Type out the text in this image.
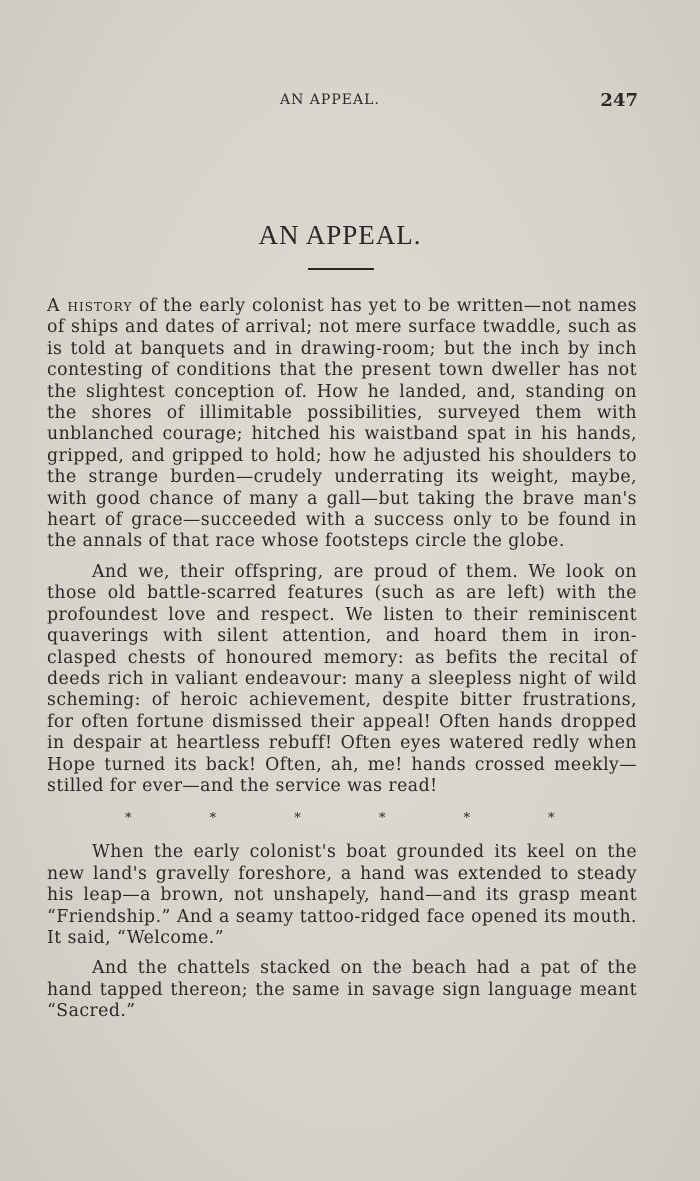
AN APPEAL.	247
AN APPEAL.

A history of the early colonist has yet to be written—not names of ships and dates of arrival; not mere surface twaddle, such as is told at banquets and in drawing-room; but the inch by inch contesting of conditions that the present town dweller has not the slightest conception of. How he landed, and, standing on the shores of illimitable possibilities, surveyed them with unblanched courage; hitched his waistband spat in his hands, gripped, and gripped to hold; how he adjusted his shoulders to the strange burden—crudely underrating its weight, maybe, with good chance of many a gall—but taking the brave man's heart of grace—succeeded with a success only to be found in the annals of that race whose footsteps circle the globe.

And we, their offspring, are proud of them. We look on those old battle-scarred features (such as are left) with the profoundest love and respect. We listen to their reminiscent quaverings with silent attention, and hoard them in iron-clasped chests of honoured memory: as befits the recital of deeds rich in valiant endeavour: many a sleepless night of wild scheming: of heroic achievement, despite bitter frustrations, for often fortune dismissed their appeal! Often hands dropped in despair at heartless rebuff! Often eyes watered redly when Hope turned its back! Often, ah, me! hands crossed meekly—stilled for ever—and the service was read!

*	*	*	*	*	*

When the early colonist's boat grounded its keel on the new land's gravelly foreshore, a hand was extended to steady his leap—a brown, not unshapely, hand—and its grasp meant “Friendship.” And a seamy tattoo-ridged face opened its mouth. It said, “Welcome.”

And the chattels stacked on the beach had a pat of the hand tapped thereon; the same in savage sign language meant “Sacred.”
